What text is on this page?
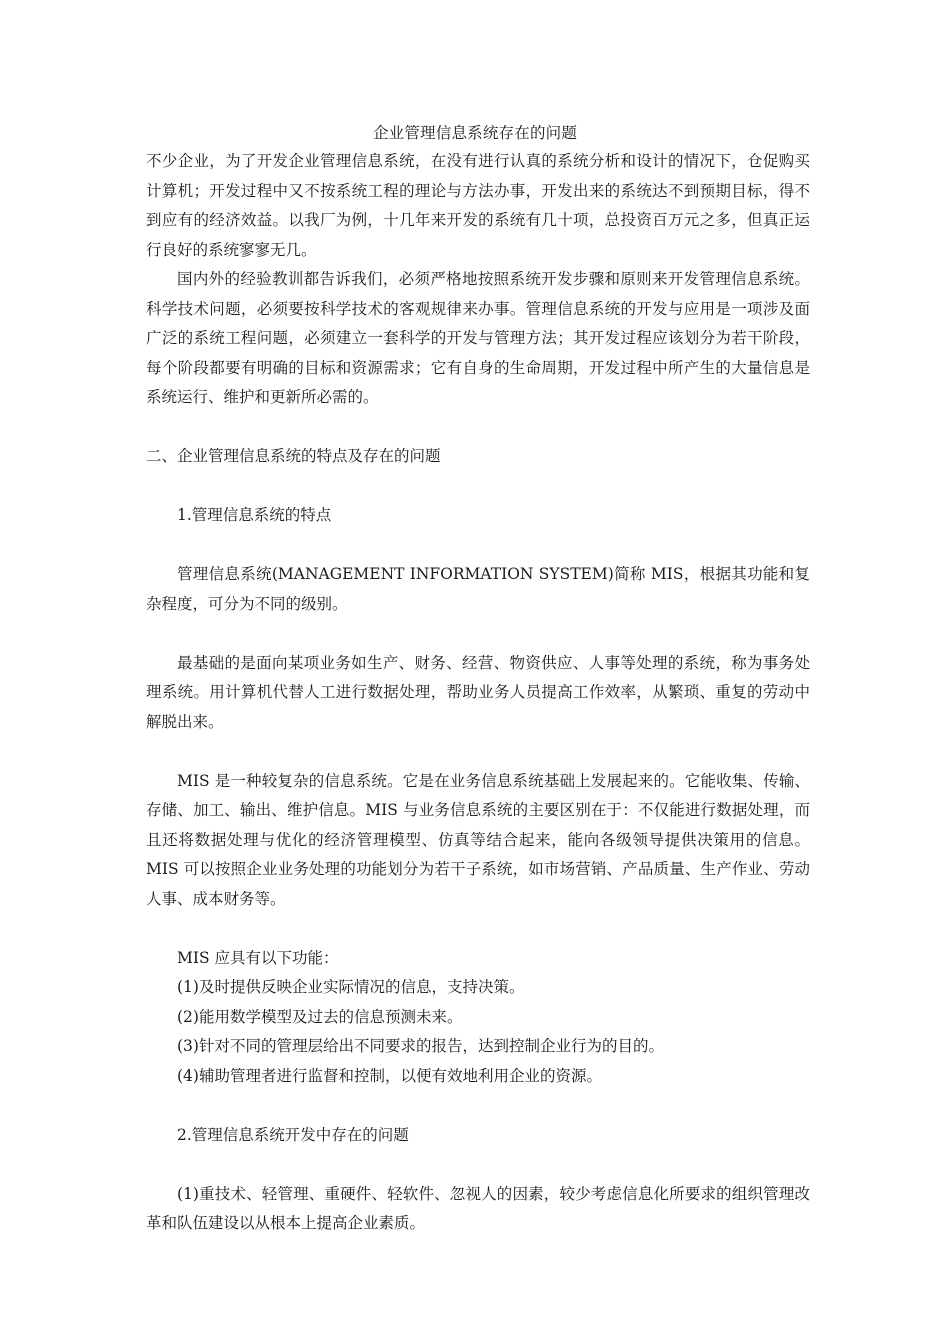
企业管理信息系统存在的问题

不少企业，为了开发企业管理信息系统，在没有进行认真的系统分析和设计的情况下，仓促购买计算机；开发过程中又不按系统工程的理论与方法办事，开发出来的系统达不到预期目标，得不到应有的经济效益。以我厂为例，十几年来开发的系统有几十项，总投资百万元之多，但真正运行良好的系统寥寥无几。

国内外的经验教训都告诉我们，必须严格地按照系统开发步骤和原则来开发管理信息系统。科学技术问题，必须要按科学技术的客观规律来办事。管理信息系统的开发与应用是一项涉及面广泛的系统工程问题，必须建立一套科学的开发与管理方法；其开发过程应该划分为若干阶段，每个阶段都要有明确的目标和资源需求；它有自身的生命周期，开发过程中所产生的大量信息是系统运行、维护和更新所必需的。

二、企业管理信息系统的特点及存在的问题

1.管理信息系统的特点

管理信息系统(MANAGEMENT INFORMATION SYSTEM)简称 MIS，根据其功能和复杂程度，可分为不同的级别。

最基础的是面向某项业务如生产、财务、经营、物资供应、人事等处理的系统，称为事务处理系统。用计算机代替人工进行数据处理，帮助业务人员提高工作效率，从繁琐、重复的劳动中解脱出来。

MIS 是一种较复杂的信息系统。它是在业务信息系统基础上发展起来的。它能收集、传输、存储、加工、输出、维护信息。MIS 与业务信息系统的主要区别在于：不仅能进行数据处理，而且还将数据处理与优化的经济管理模型、仿真等结合起来，能向各级领导提供决策用的信息。MIS 可以按照企业业务处理的功能划分为若干子系统，如市场营销、产品质量、生产作业、劳动人事、成本财务等。

MIS 应具有以下功能：

(1)及时提供反映企业实际情况的信息，支持决策。

(2)能用数学模型及过去的信息预测未来。

(3)针对不同的管理层给出不同要求的报告，达到控制企业行为的目的。

(4)辅助管理者进行监督和控制，以便有效地利用企业的资源。

2.管理信息系统开发中存在的问题

(1)重技术、轻管理、重硬件、轻软件、忽视人的因素，较少考虑信息化所要求的组织管理改革和队伍建设以从根本上提高企业素质。
